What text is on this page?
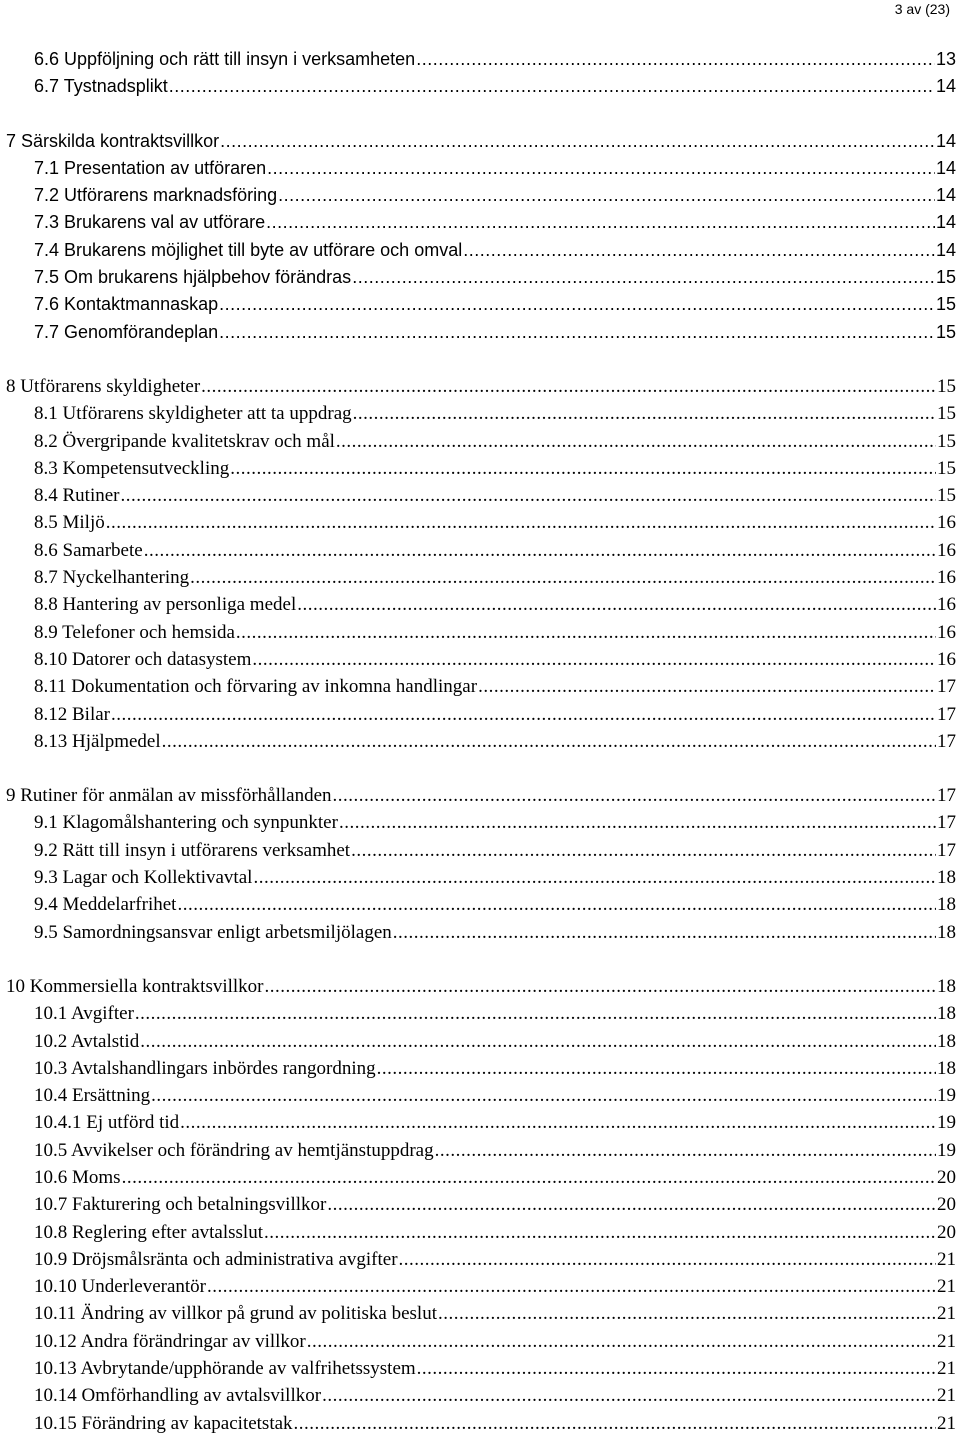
3 av (23)
6.6 Uppföljning och rätt till insyn i verksamheten .....	13
6.7 Tystnadsplikt .....	14
7 Särskilda kontraktsvillkor .....	14
7.1 Presentation av utföraren .....	14
7.2 Utförarens marknadsföring .....	14
7.3 Brukarens val av utförare .....	14
7.4 Brukarens möjlighet till byte av utförare och omval .....	14
7.5 Om brukarens hjälpbehov förändras .....	15
7.6 Kontaktmannaskap .....	15
7.7 Genomförandeplan .....	15
8 Utförarens skyldigheter .....	15
8.1 Utförarens skyldigheter att ta uppdrag .....	15
8.2 Övergripande kvalitetskrav och mål .....	15
8.3 Kompetensutveckling .....	15
8.4 Rutiner .....	15
8.5 Miljö .....	16
8.6 Samarbete .....	16
8.7 Nyckelhantering .....	16
8.8 Hantering av personliga medel .....	16
8.9 Telefoner och hemsida .....	16
8.10 Datorer och datasystem .....	16
8.11 Dokumentation och förvaring av inkomna handlingar .....	17
8.12 Bilar .....	17
8.13 Hjälpmedel .....	17
9 Rutiner för anmälan av missförhållanden .....	17
9.1 Klagomålshantering och synpunkter .....	17
9.2 Rätt till insyn i utförarens verksamhet .....	17
9.3 Lagar och Kollektivavtal .....	18
9.4 Meddelarfrihet .....	18
9.5 Samordningsansvar enligt arbetsmiljölagen .....	18
10 Kommersiella kontraktsvillkor .....	18
10.1 Avgifter .....	18
10.2 Avtalstid .....	18
10.3 Avtalshandlingars inbördes rangordning .....	18
10.4 Ersättning .....	19
10.4.1 Ej utförd tid .....	19
10.5 Avvikelser och förändring av hemtjänstuppdrag .....	19
10.6 Moms .....	20
10.7 Fakturering och betalningsvillkor .....	20
10.8 Reglering efter avtalsslut .....	20
10.9 Dröjsmålsränta och administrativa avgifter .....	21
10.10 Underleverantör .....	21
10.11 Ändring av villkor på grund av politiska beslut .....	21
10.12 Andra förändringar av villkor .....	21
10.13 Avbrytande/upphörande av valfrihetssystem .....	21
10.14 Omförhandling av avtalsvillkor .....	21
10.15 Förändring av kapacitetstak .....	21
